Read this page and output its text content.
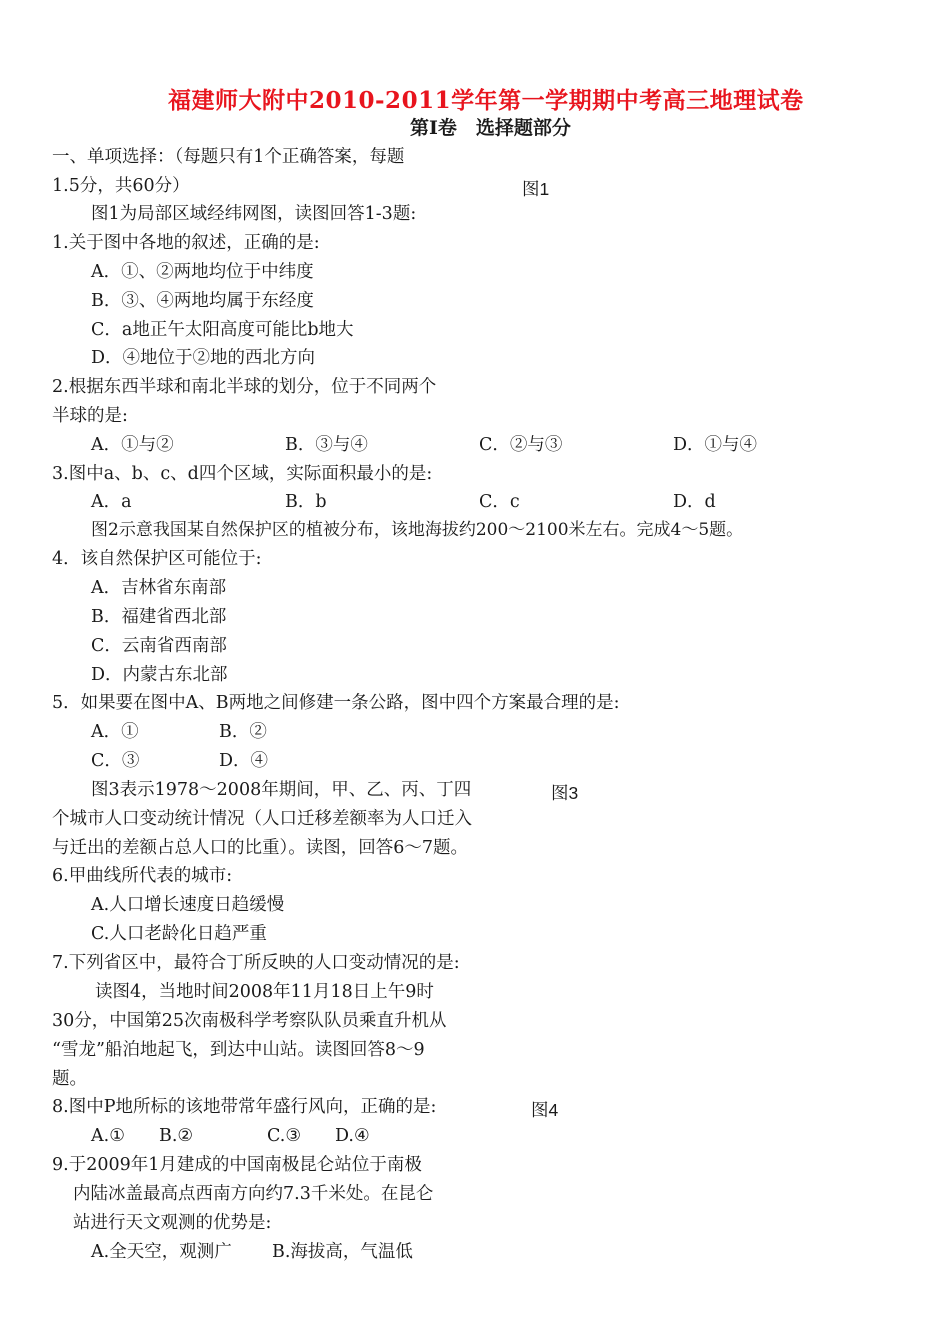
福建师大附中2010-2011学年第一学期期中考高三地理试卷
第Ⅰ卷　选择题部分
一、单项选择：（每题只有1个正确答案，每题
1.5分，共60分）	图1
图1为局部区域经纬网图，读图回答1-3题:
1.关于图中各地的叙述，正确的是:
A．①、②两地均位于中纬度
B．③、④两地均属于东经度
C．a地正午太阳高度可能比b地大
D．④地位于②地的西北方向
2.根据东西半球和南北半球的划分，位于不同两个
半球的是:
A．①与②	B．③与④	C．②与③	D．①与④
3.图中a、b、c、d四个区域，实际面积最小的是:
A．a	B．b	C．c	D．d
图2示意我国某自然保护区的植被分布，该地海拔约200～2100米左右。完成4～5题。
4．该自然保护区可能位于:
A．吉林省东南部
B．福建省西北部
C．云南省西南部
D．内蒙古东北部
5．如果要在图中A、B两地之间修建一条公路，图中四个方案最合理的是:
A．①	B．②
C．③	D．④
图3表示1978～2008年期间，甲、乙、丙、丁四	图3
个城市人口变动统计情况（人口迁移差额率为人口迁入
与迁出的差额占总人口的比重）。读图，回答6～7题。
6.甲曲线所代表的城市:
A.人口增长速度日趋缓慢
C.人口老龄化日趋严重
7.下列省区中，最符合丁所反映的人口变动情况的是:
读图4，当地时间2008年11月18日上午9时
30分，中国第25次南极科学考察队队员乘直升机从
“雪龙”船泊地起飞，到达中山站。读图回答8～9
题。
8.图中P地所标的该地带常年盛行风向，正确的是:	图4
A.① B.②	C.③ D.④
9.于2009年1月建成的中国南极昆仑站位于南极
内陆冰盖最高点西南方向约7.3千米处。在昆仑
站进行天文观测的优势是:
A.全天空，观测广 B.海拔高，气温低
